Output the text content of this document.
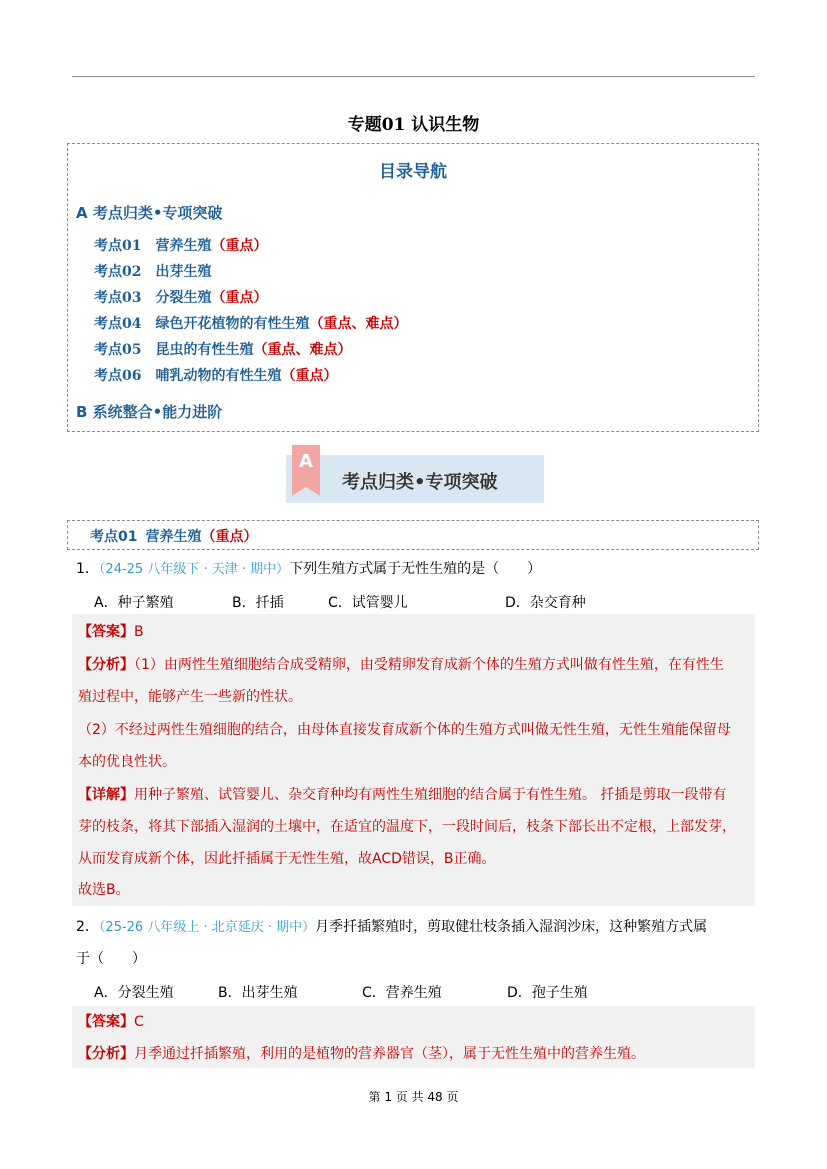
专题01 认识生物
目录导航
A 考点归类•专项突破
考点01 营养生殖（重点）
考点02 出芽生殖
考点03 分裂生殖（重点）
考点04 绿色开花植物的有性生殖（重点、难点）
考点05 昆虫的有性生殖（重点、难点）
考点06 哺乳动物的有性生殖（重点）
B 系统整合•能力进阶
A
考点归类•专项突破
考点01 营养生殖（重点）
1．（24-25 八年级下 · 天津 · 期中）下列生殖方式属于无性生殖的是（　　）
A．种子繁殖	B．扦插	C．试管婴儿	D．杂交育种
【答案】B
【分析】（1）由两性生殖细胞结合成受精卵，由受精卵发育成新个体的生殖方式叫做有性生殖，在有性生
殖过程中，能够产生一些新的性状。
（2）不经过两性生殖细胞的结合，由母体直接发育成新个体的生殖方式叫做无性生殖，无性生殖能保留母
本的优良性状。
【详解】用种子繁殖、试管婴儿、杂交育种均有两性生殖细胞的结合属于有性生殖。 扦插是剪取一段带有
芽的枝条，将其下部插入湿润的土壤中，在适宜的温度下，一段时间后，枝条下部长出不定根，上部发芽，
从而发育成新个体，因此扦插属于无性生殖，故ACD错误，B正确。
故选B。
2．（25-26 八年级上 · 北京延庆 · 期中）月季扦插繁殖时，剪取健壮枝条插入湿润沙床，这种繁殖方式属
于（　　）
A．分裂生殖	B．出芽生殖	C．营养生殖	D．孢子生殖
【答案】C
【分析】月季通过扦插繁殖，利用的是植物的营养器官（茎），属于无性生殖中的营养生殖。
第 1 页 共 48 页
